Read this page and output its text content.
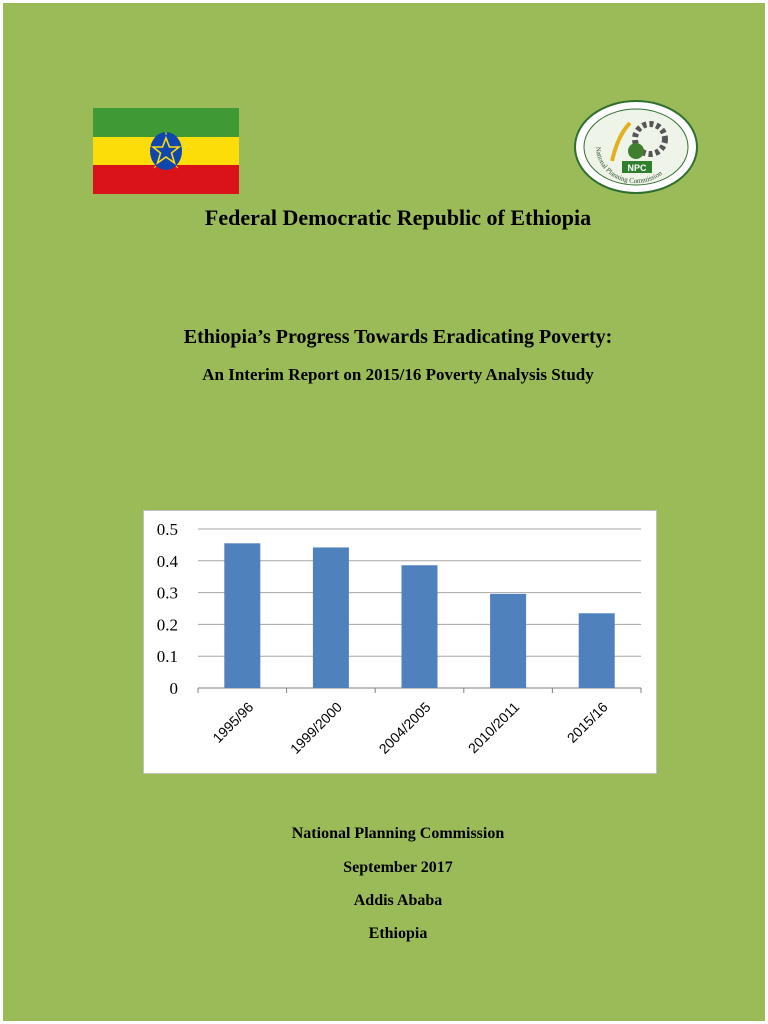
NPC
National Planning Commission
Federal Democratic Republic of Ethiopia
Ethiopia’s Progress Towards Eradicating Poverty:
An Interim Report on 2015/16 Poverty Analysis Study
0
0.1
0.2
0.3
0.4
0.5
1995/96 1999/2000 2004/2005 2010/2011	2015/16
National Planning Commission
September 2017
Addis Ababa
Ethiopia
